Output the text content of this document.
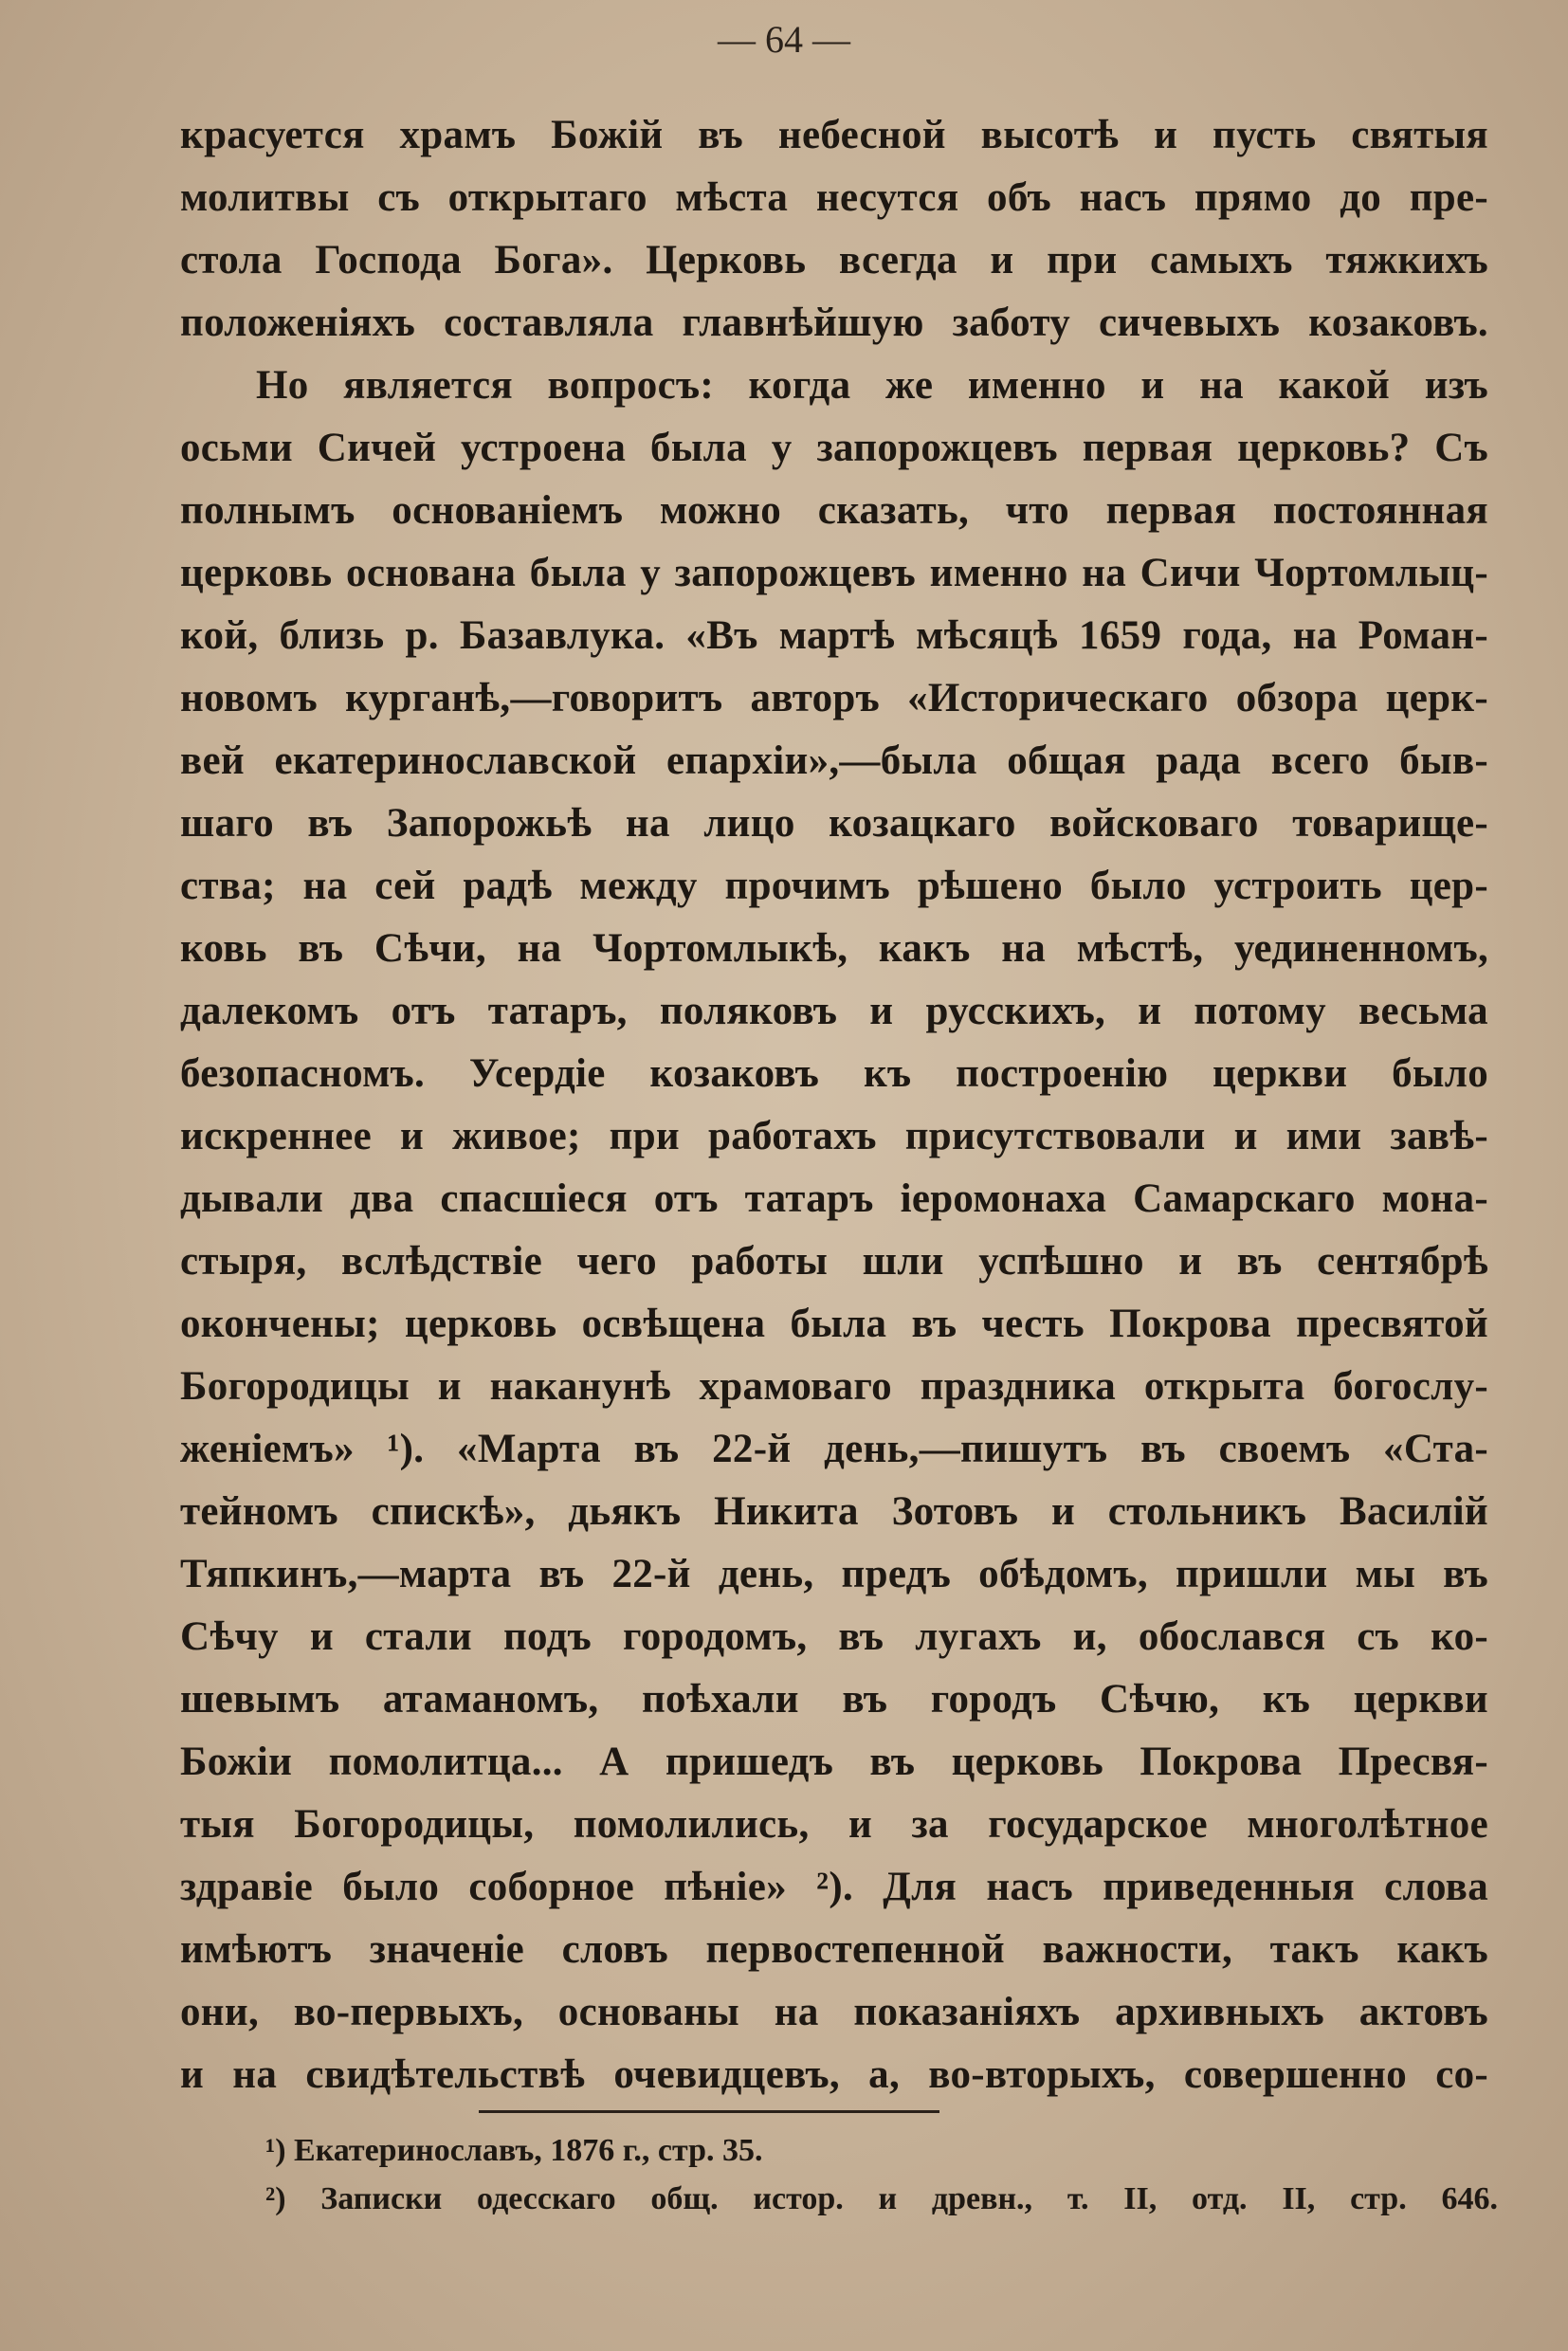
— 64 —
красуется храмъ Божій въ небесной высотѣ и пусть святыя
молитвы съ открытаго мѣста несутся объ насъ прямо до пре-
стола Господа Бога». Церковь всегда и при самыхъ тяжкихъ
положеніяхъ составляла главнѣйшую заботу сичевыхъ козаковъ.
Но является вопросъ: когда же именно и на какой изъ
осьми Сичей устроена была у запорожцевъ первая церковь? Съ
полнымъ основаніемъ можно сказать, что первая постоянная
церковь основана была у запорожцевъ именно на Сичи Чортомлыц-
кой, близь р. Базавлука. «Въ мартѣ мѣсяцѣ 1659 года, на Роман-
новомъ курганѣ,—говоритъ авторъ «Историческаго обзора церк-
вей екатеринославской епархіи»,—была общая рада всего быв-
шаго въ Запорожьѣ на лицо козацкаго войсковаго товарище-
ства; на сей радѣ между прочимъ рѣшено было устроить цер-
ковь въ Сѣчи, на Чортомлыкѣ, какъ на мѣстѣ, уединенномъ,
далекомъ отъ татаръ, поляковъ и русскихъ, и потому весьма
безопасномъ. Усердіе козаковъ къ построенію церкви было
искреннее и живое; при работахъ присутствовали и ими завѣ-
дывали два спасшіеся отъ татаръ іеромонаха Самарскаго мона-
стыря, вслѣдствіе чего работы шли успѣшно и въ сентябрѣ
окончены; церковь освѣщена была въ честь Покрова пресвятой
Богородицы и наканунѣ храмоваго праздника открыта богослу-
женіемъ» ¹). «Марта въ 22-й день,—пишутъ въ своемъ «Ста-
тейномъ спискѣ», дьякъ Никита Зотовъ и стольникъ Василій
Тяпкинъ,—марта въ 22-й день, предъ обѣдомъ, пришли мы въ
Сѣчу и стали подъ городомъ, въ лугахъ и, обослався съ ко-
шевымъ атаманомъ, поѣхали въ городъ Сѣчю, къ церкви
Божіи помолитца... А пришедъ въ церковь Покрова Пресвя-
тыя Богородицы, помолились, и за государское многолѣтное
здравіе было соборное пѣніе» ²). Для насъ приведенныя слова
имѣютъ значеніе словъ первостепенной важности, такъ какъ
они, во-первыхъ, основаны на показаніяхъ архивныхъ актовъ
и на свидѣтельствѣ очевидцевъ, а, во-вторыхъ, совершенно со-
¹) Екатеринославъ, 1876 г., стр. 35.
²) Записки одесскаго общ. истор. и древн., т. II, отд. II, стр. 646.
